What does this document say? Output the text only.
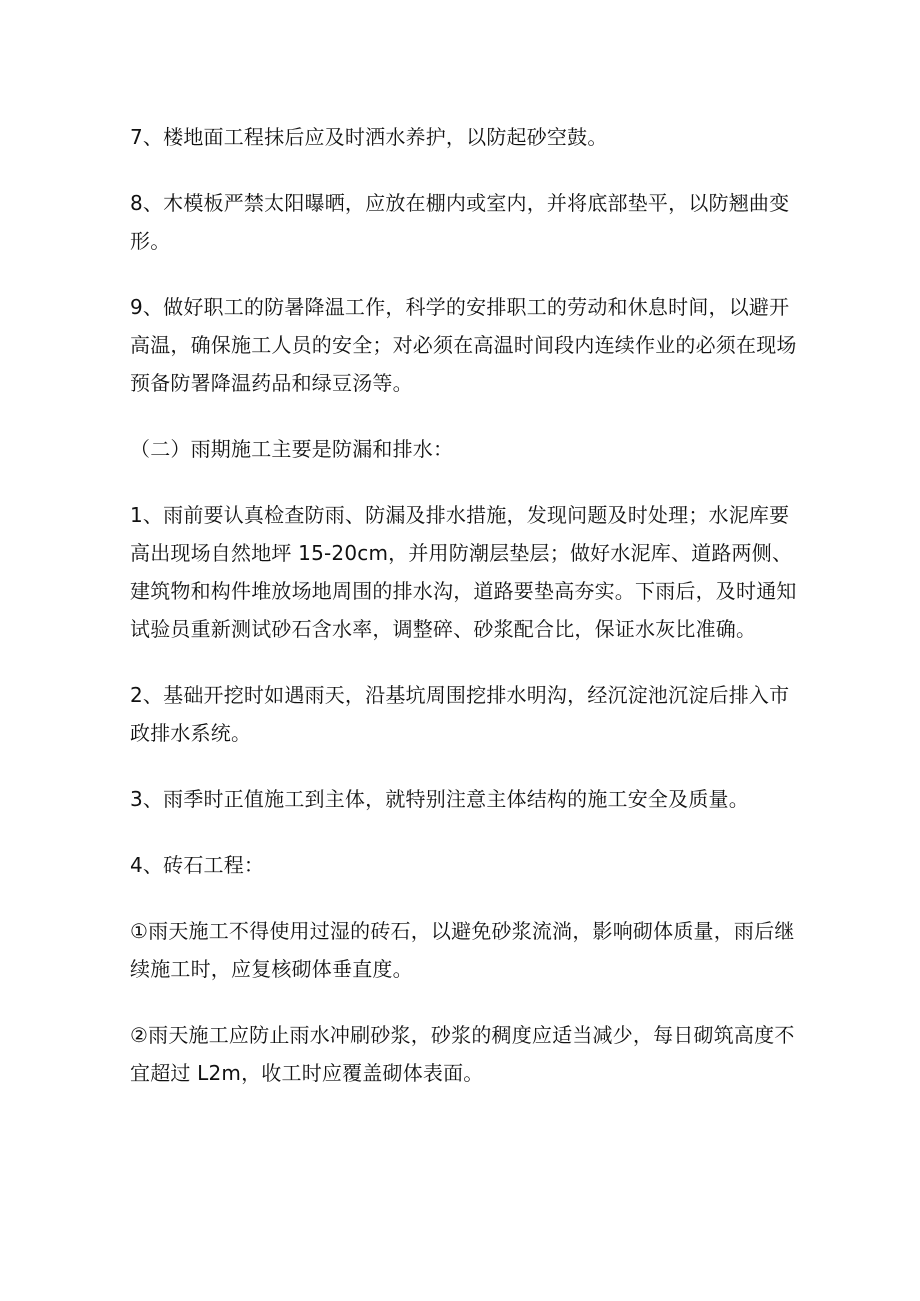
7、楼地面工程抹后应及时洒水养护，以防起砂空鼓。

8、木模板严禁太阳曝晒，应放在棚内或室内，并将底部垫平，以防翘曲变形。

9、做好职工的防暑降温工作，科学的安排职工的劳动和休息时间，以避开高温，确保施工人员的安全；对必须在高温时间段内连续作业的必须在现场预备防署降温药品和绿豆汤等。

（二）雨期施工主要是防漏和排水：

1、雨前要认真检查防雨、防漏及排水措施，发现问题及时处理；水泥库要高出现场自然地坪 15-20cm，并用防潮层垫层；做好水泥库、道路两侧、建筑物和构件堆放场地周围的排水沟，道路要垫高夯实。下雨后，及时通知试验员重新测试砂石含水率，调整碎、砂浆配合比，保证水灰比准确。

2、基础开挖时如遇雨天，沿基坑周围挖排水明沟，经沉淀池沉淀后排入市政排水系统。

3、雨季时正值施工到主体，就特别注意主体结构的施工安全及质量。

4、砖石工程：

①雨天施工不得使用过湿的砖石，以避免砂浆流淌，影响砌体质量，雨后继续施工时，应复核砌体垂直度。

②雨天施工应防止雨水冲刷砂浆，砂浆的稠度应适当减少，每日砌筑高度不宜超过 L2m，收工时应覆盖砌体表面。
